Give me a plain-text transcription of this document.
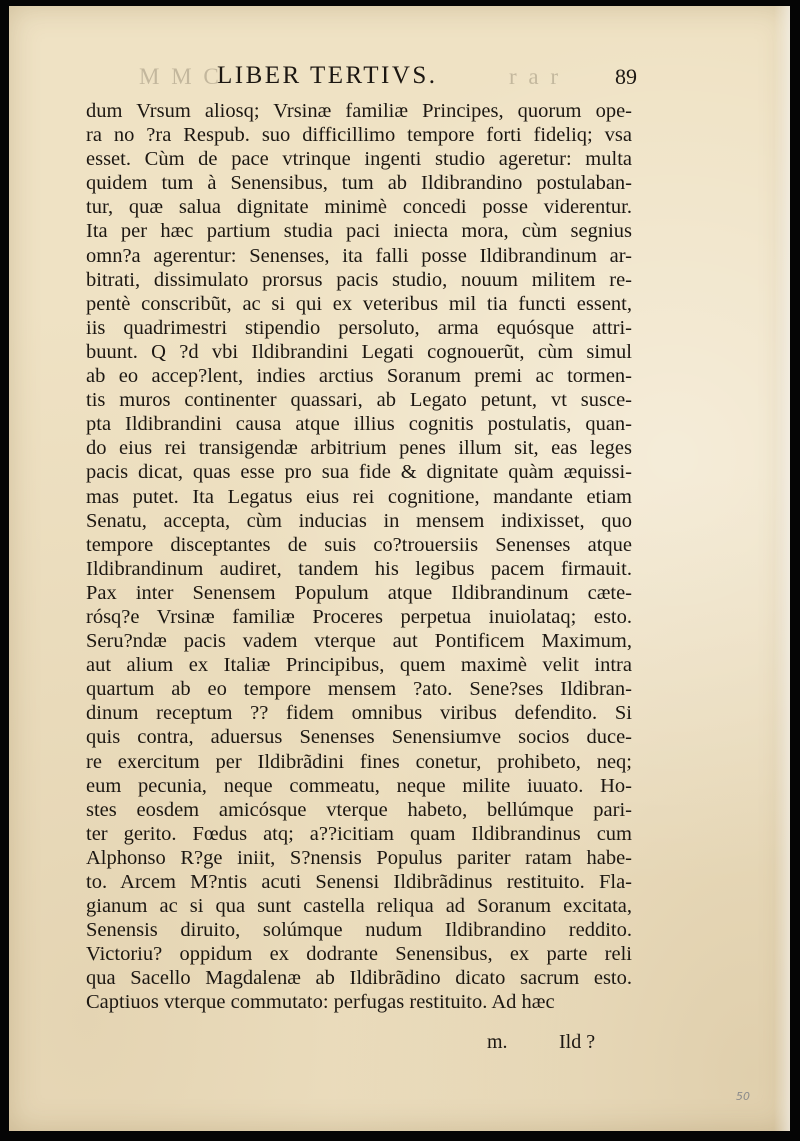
M M C
LIBER TERTIVS.	r a r 89
dum Vrsum aliosq; Vrsinæ familiæ Principes, quorum ope-
ra no ?ra Respub. suo difficillimo tempore forti fideliq; vsa
esset. Cùm de pace vtrinque ingenti studio ageretur: multa
quidem tum à Senensibus, tum ab Ildibrandino postulaban-
tur, quæ salua dignitate minimè concedi posse viderentur.
Ita per hæc partium studia paci iniecta mora, cùm segnius
omn?a agerentur: Senenses, ita falli posse Ildibrandinum ar-
bitrati, dissimulato prorsus pacis studio, nouum militem re-
pentè conscribũt, ac si qui ex veteribus mil tia functi essent,
iis quadrimestri stipendio persoluto, arma equósque attri-
buunt. Q ?d vbi Ildibrandini Legati cognouerũt, cùm simul
ab eo accep?lent, indies arctius Soranum premi ac tormen-
tis muros continenter quassari, ab Legato petunt, vt susce-
pta Ildibrandini causa atque illius cognitis postulatis, quan-
do eius rei transigendæ arbitrium penes illum sit, eas leges
pacis dicat, quas esse pro sua fide & dignitate quàm æquissi-
mas putet. Ita Legatus eius rei cognitione, mandante etiam
Senatu, accepta, cùm inducias in mensem indixisset, quo
tempore disceptantes de suis co?trouersiis Senenses atque
Ildibrandinum audiret, tandem his legibus pacem firmauit.
Pax inter Senensem Populum atque Ildibrandinum cæte-
rósq?e Vrsinæ familiæ Proceres perpetua inuiolataq; esto.
Seru?ndæ pacis vadem vterque aut Pontificem Maximum,
aut alium ex Italiæ Principibus, quem maximè velit intra
quartum ab eo tempore mensem ?ato. Sene?ses Ildibran-
dinum receptum ?? fidem omnibus viribus defendito. Si
quis contra, aduersus Senenses Senensiumve socios duce-
re exercitum per Ildibrãdini fines conetur, prohibeto, neq;
eum pecunia, neque commeatu, neque milite iuuato. Ho-
stes eosdem amicósque vterque habeto, bellúmque pari-
ter gerito. Fœdus atq; a??icitiam quam Ildibrandinus cum
Alphonso R?ge iniit, S?nensis Populus pariter ratam habe-
to. Arcem M?ntis acuti Senensi Ildibrãdinus restituito. Fla-
gianum ac si qua sunt castella reliqua ad Soranum excitata,
Senensis diruito, solúmque nudum Ildibrandino reddito.
Victoriu? oppidum ex dodrante Senensibus, ex parte reli
qua Sacello Magdalenæ ab Ildibrãdino dicato sacrum esto.
Captiuos vterque commutato: perfugas restituito. Ad hæc
m.	Ild ?
50
